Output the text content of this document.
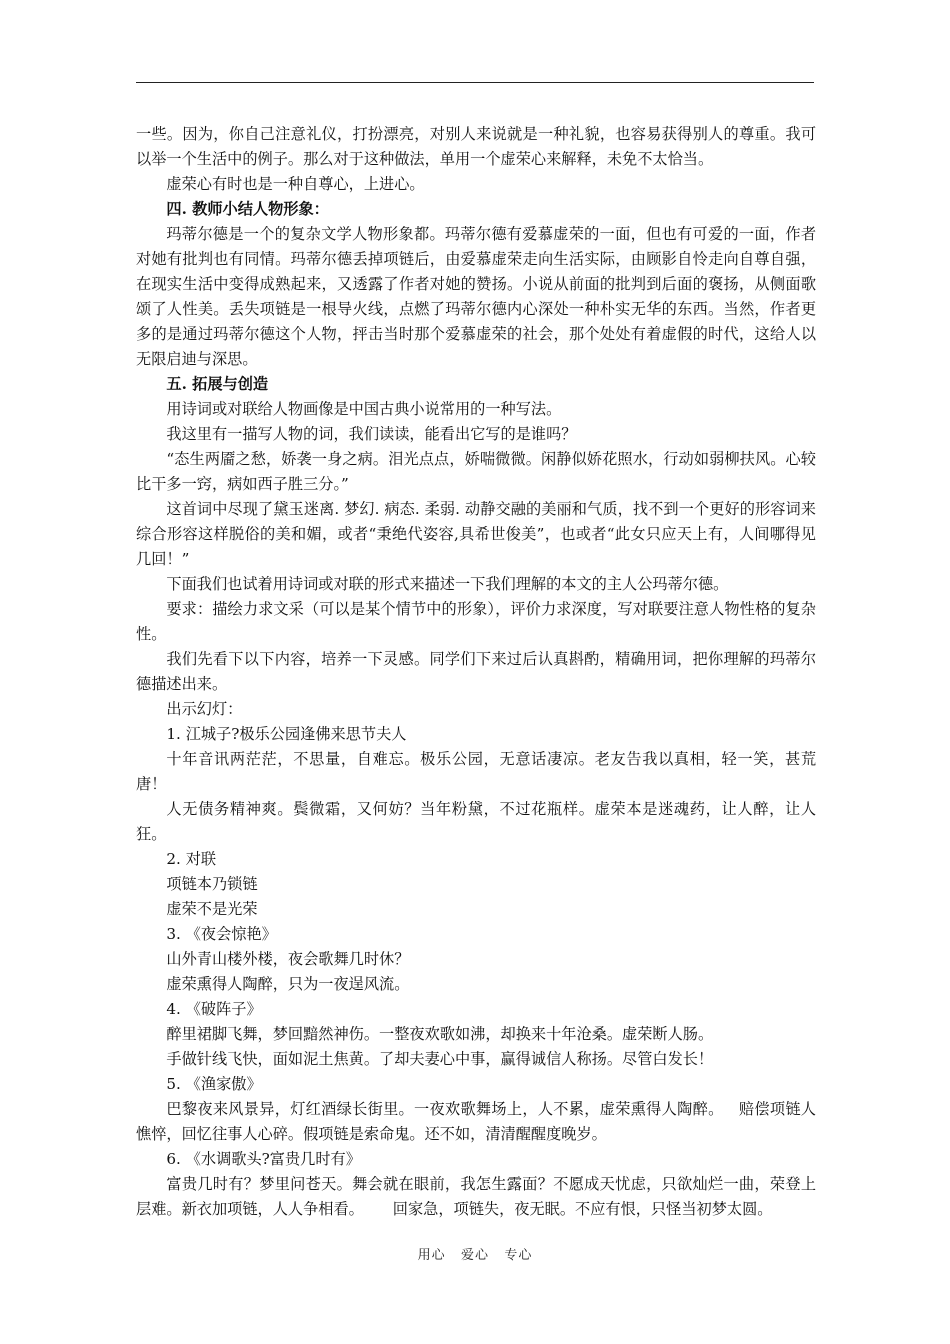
一些。因为，你自己注意礼仪，打扮漂亮，对别人来说就是一种礼貌，也容易获得别人的尊重。我可以举一个生活中的例子。那么对于这种做法，单用一个虚荣心来解释，未免不太恰当。

虚荣心有时也是一种自尊心，上进心。

四. 教师小结人物形象：

玛蒂尔德是一个的复杂文学人物形象都。玛蒂尔德有爱慕虚荣的一面，但也有可爱的一面，作者对她有批判也有同情。玛蒂尔德丢掉项链后，由爱慕虚荣走向生活实际，由顾影自怜走向自尊自强，在现实生活中变得成熟起来，又透露了作者对她的赞扬。小说从前面的批判到后面的褒扬，从侧面歌颂了人性美。丢失项链是一根导火线，点燃了玛蒂尔德内心深处一种朴实无华的东西。当然，作者更多的是通过玛蒂尔德这个人物，抨击当时那个爱慕虚荣的社会，那个处处有着虚假的时代，这给人以无限启迪与深思。

五. 拓展与创造

用诗词或对联给人物画像是中国古典小说常用的一种写法。

我这里有一描写人物的词，我们读读，能看出它写的是谁吗？

“态生两靥之愁，娇袭一身之病。泪光点点，娇喘微微。闲静似娇花照水，行动如弱柳扶风。心较比干多一窍，病如西子胜三分。”

这首词中尽现了黛玉迷离. 梦幻. 病态. 柔弱. 动静交融的美丽和气质，找不到一个更好的形容词来综合形容这样脱俗的美和媚，或者“秉绝代姿容,具希世俊美”，也或者“此女只应天上有，人间哪得见几回！”

下面我们也试着用诗词或对联的形式来描述一下我们理解的本文的主人公玛蒂尔德。

要求：描绘力求文采（可以是某个情节中的形象），评价力求深度，写对联要注意人物性格的复杂性。

我们先看下以下内容，培养一下灵感。同学们下来过后认真斟酌，精确用词，把你理解的玛蒂尔德描述出来。

出示幻灯：

1. 江城子?极乐公园逢佛来思节夫人

十年音讯两茫茫，不思量，自难忘。极乐公园，无意话凄凉。老友告我以真相，轻一笑，甚荒唐！

人无债务精神爽。鬓微霜，又何妨？当年粉黛，不过花瓶样。虚荣本是迷魂药，让人醉，让人狂。

2. 对联

项链本乃锁链

虚荣不是光荣

3. 《夜会惊艳》

山外青山楼外楼，夜会歌舞几时休？

虚荣熏得人陶醉，只为一夜逞风流。

4. 《破阵子》

醉里裙脚飞舞，梦回黯然神伤。一整夜欢歌如沸，却换来十年沧桑。虚荣断人肠。

手做针线飞快，面如泥土焦黄。了却夫妻心中事，赢得诚信人称扬。尽管白发长！

5. 《渔家傲》

巴黎夜来风景异，灯红酒绿长街里。一夜欢歌舞场上，人不累，虚荣熏得人陶醉。   赔偿项链人憔悴，回忆往事人心碎。假项链是索命鬼。还不如，清清醒醒度晚岁。

6. 《水调歌头?富贵几时有》

富贵几时有？梦里问苍天。舞会就在眼前，我怎生露面？不愿成天忧虑，只欲灿烂一曲，荣登上层难。新衣加项链，人人争相看。      回家急，项链失，夜无眠。不应有恨，只怪当初梦太圆。

用心   爱心   专心
